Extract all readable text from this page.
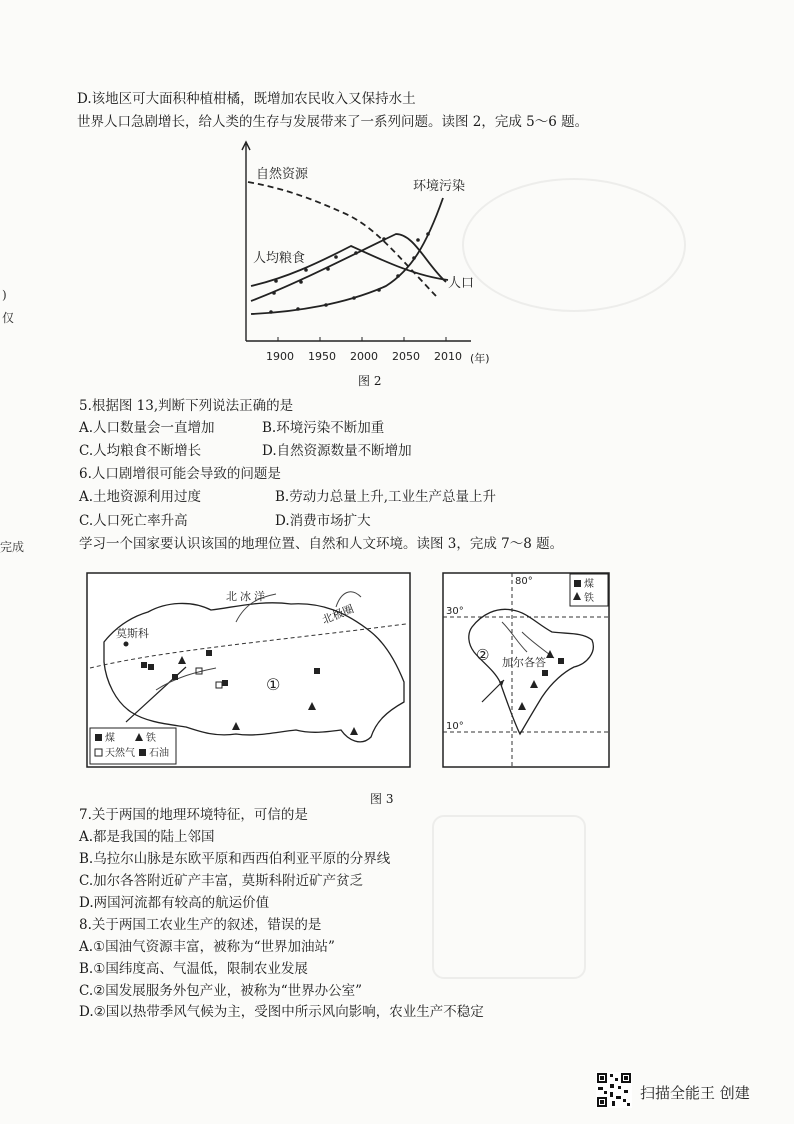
)
仅
完成
D.该地区可大面积种植柑橘，既增加农民收入又保持水土
世界人口急剧增长，给人类的生存与发展带来了一系列问题。读图 2，完成 5～6 题。
自然资源
环境污染
人均粮食
人口
1900 1950 2000 2050 2010 (年)
图 2
5.根据图 13,判断下列说法正确的是
A.人口数量会一直增加	B.环境污染不断加重
C.人均粮食不断增长	D.自然资源数量不断增加
6.人口剧增很可能会导致的问题是
A.土地资源利用过度	B.劳动力总量上升,工业生产总量上升
C.人口死亡率升高	D.消费市场扩大
学习一个国家要认识该国的地理位置、自然和人文环境。读图 3，完成 7～8 题。
北冰洋
北极圈
莫斯科
①
煤	铁
天然气 石油
80°
30°
10°
② 加尔各答
煤
铁
图 3
7.关于两国的地理环境特征，可信的是
A.都是我国的陆上邻国
B.乌拉尔山脉是东欧平原和西西伯利亚平原的分界线
C.加尔各答附近矿产丰富，莫斯科附近矿产贫乏
D.两国河流都有较高的航运价值
8.关于两国工农业生产的叙述，错误的是
A.①国油气资源丰富，被称为“世界加油站”
B.①国纬度高、气温低，限制农业发展
C.②国发展服务外包产业，被称为“世界办公室”
D.②国以热带季风气候为主，受图中所示风向影响，农业生产不稳定
扫描全能王 创建
